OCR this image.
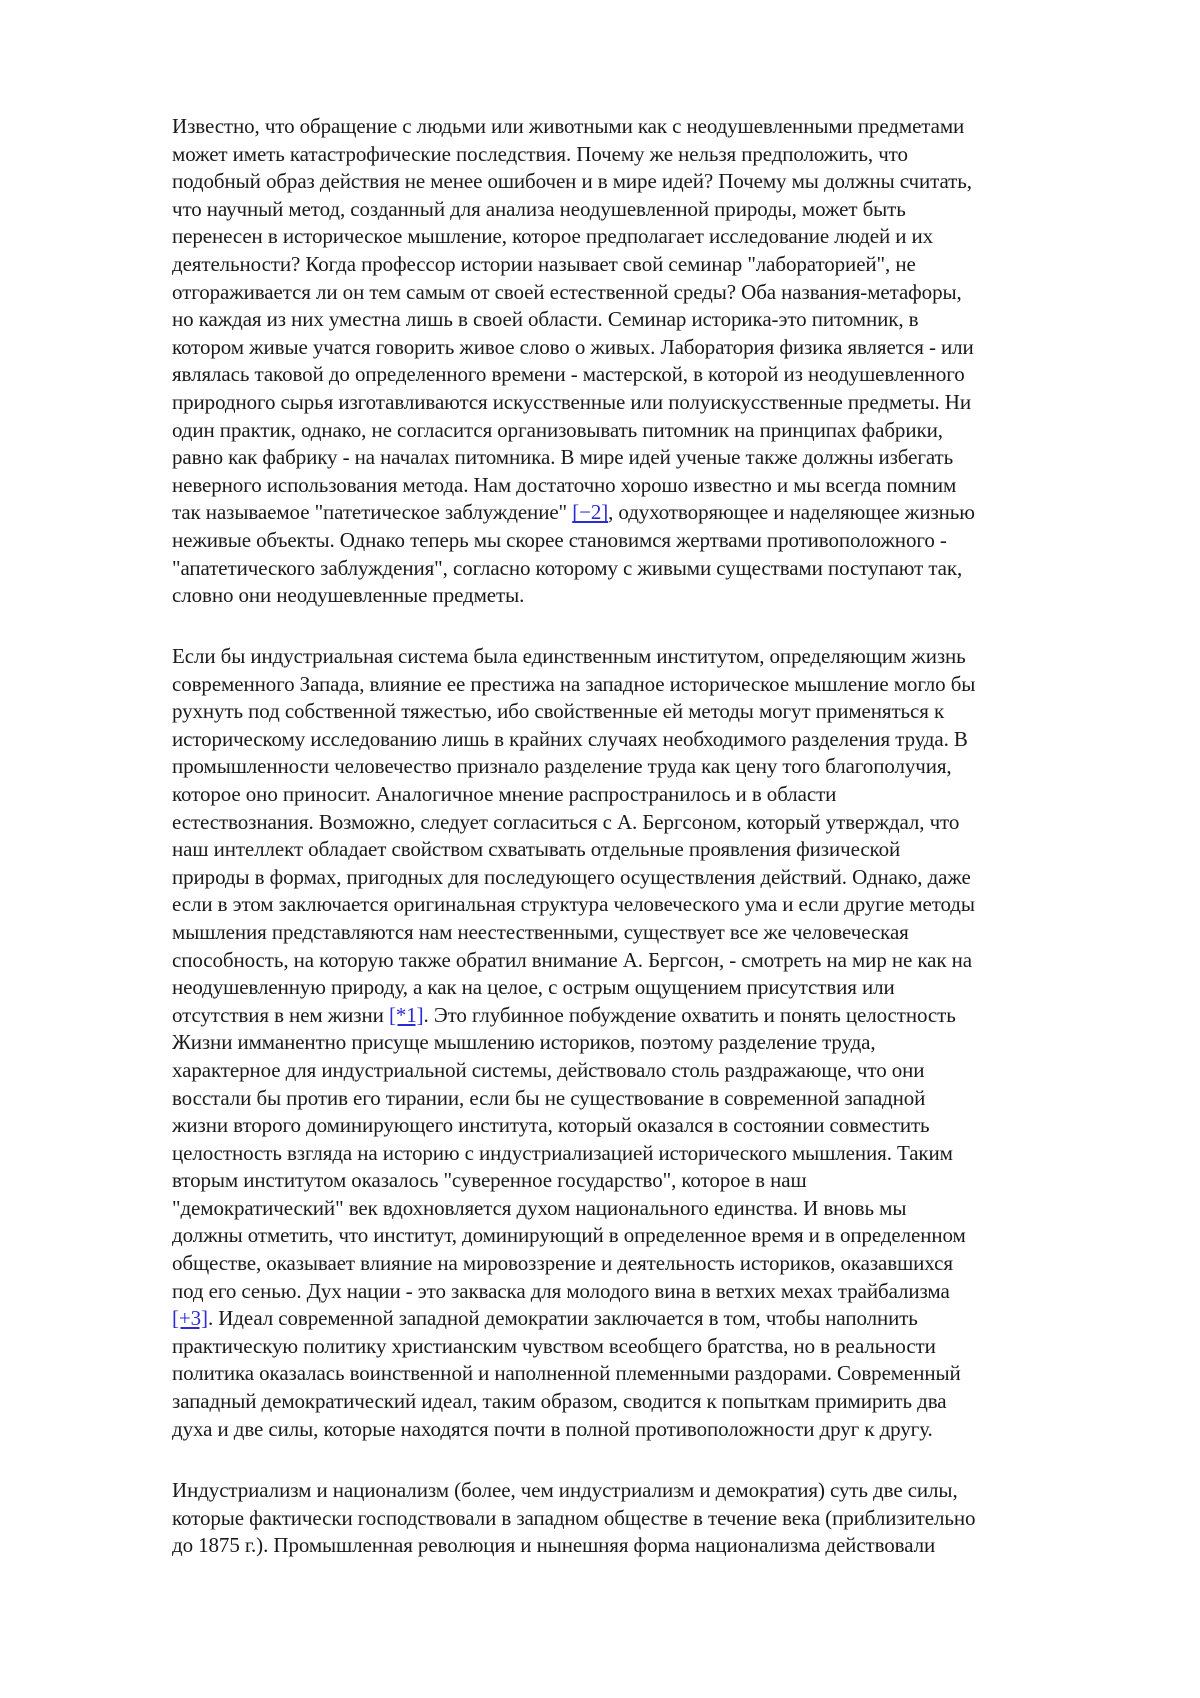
Известно, что обращение с людьми или животными как с неодушевленными предметами
может иметь катастрофические последствия. Почему же нельзя предположить, что
подобный образ действия не менее ошибочен и в мире идей? Почему мы должны считать,
что научный метод, созданный для анализа неодушевленной природы, может быть
перенесен в историческое мышление, которое предполагает исследование людей и их
деятельности? Когда профессор истории называет свой семинар "лабораторией", не
отгораживается ли он тем самым от своей естественной среды? Оба названия-метафоры,
но каждая из них уместна лишь в своей области. Семинар историка-это питомник, в
котором живые учатся говорить живое слово о живых. Лаборатория физика является - или
являлась таковой до определенного времени - мастерской, в которой из неодушевленного
природного сырья изготавливаются искусственные или полуискусственные предметы. Ни
один практик, однако, не согласится организовывать питомник на принципах фабрики,
равно как фабрику - на началах питомника. В мире идей ученые также должны избегать
неверного использования метода. Нам достаточно хорошо известно и мы всегда помним
так называемое "патетическое заблуждение" [−2], одухотворяющее и наделяющее жизнью
неживые объекты. Однако теперь мы скорее становимся жертвами противоположного -
"апатетического заблуждения", согласно которому с живыми существами поступают так,
словно они неодушевленные предметы.

Если бы индустриальная система была единственным институтом, определяющим жизнь
современного Запада, влияние ее престижа на западное историческое мышление могло бы
рухнуть под собственной тяжестью, ибо свойственные ей методы могут применяться к
историческому исследованию лишь в крайних случаях необходимого разделения труда. В
промышленности человечество признало разделение труда как цену того благополучия,
которое оно приносит. Аналогичное мнение распространилось и в области
естествознания. Возможно, следует согласиться с А. Бергсоном, который утверждал, что
наш интеллект обладает свойством схватывать отдельные проявления физической
природы в формах, пригодных для последующего осуществления действий. Однако, даже
если в этом заключается оригинальная структура человеческого ума и если другие методы
мышления представляются нам неестественными, существует все же человеческая
способность, на которую также обратил внимание А. Бергсон, - смотреть на мир не как на
неодушевленную природу, а как на целое, с острым ощущением присутствия или
отсутствия в нем жизни [*1]. Это глубинное побуждение охватить и понять целостность
Жизни имманентно присуще мышлению историков, поэтому разделение труда,
характерное для индустриальной системы, действовало столь раздражающе, что они
восстали бы против его тирании, если бы не существование в современной западной
жизни второго доминирующего института, который оказался в состоянии совместить
целостность взгляда на историю с индустриализацией исторического мышления. Таким
вторым институтом оказалось "суверенное государство", которое в наш
"демократический" век вдохновляется духом национального единства. И вновь мы
должны отметить, что институт, доминирующий в определенное время и в определенном
обществе, оказывает влияние на мировоззрение и деятельность историков, оказавшихся
под его сенью. Дух нации - это закваска для молодого вина в ветхих мехах трайбализма
[+3]. Идеал современной западной демократии заключается в том, чтобы наполнить
практическую политику христианским чувством всеобщего братства, но в реальности
политика оказалась воинственной и наполненной племенными раздорами. Современный
западный демократический идеал, таким образом, сводится к попыткам примирить два
духа и две силы, которые находятся почти в полной противоположности друг к другу.

Индустриализм и национализм (более, чем индустриализм и демократия) суть две силы,
которые фактически господствовали в западном обществе в течение века (приблизительно
до 1875 г.). Промышленная революция и нынешняя форма национализма действовали
